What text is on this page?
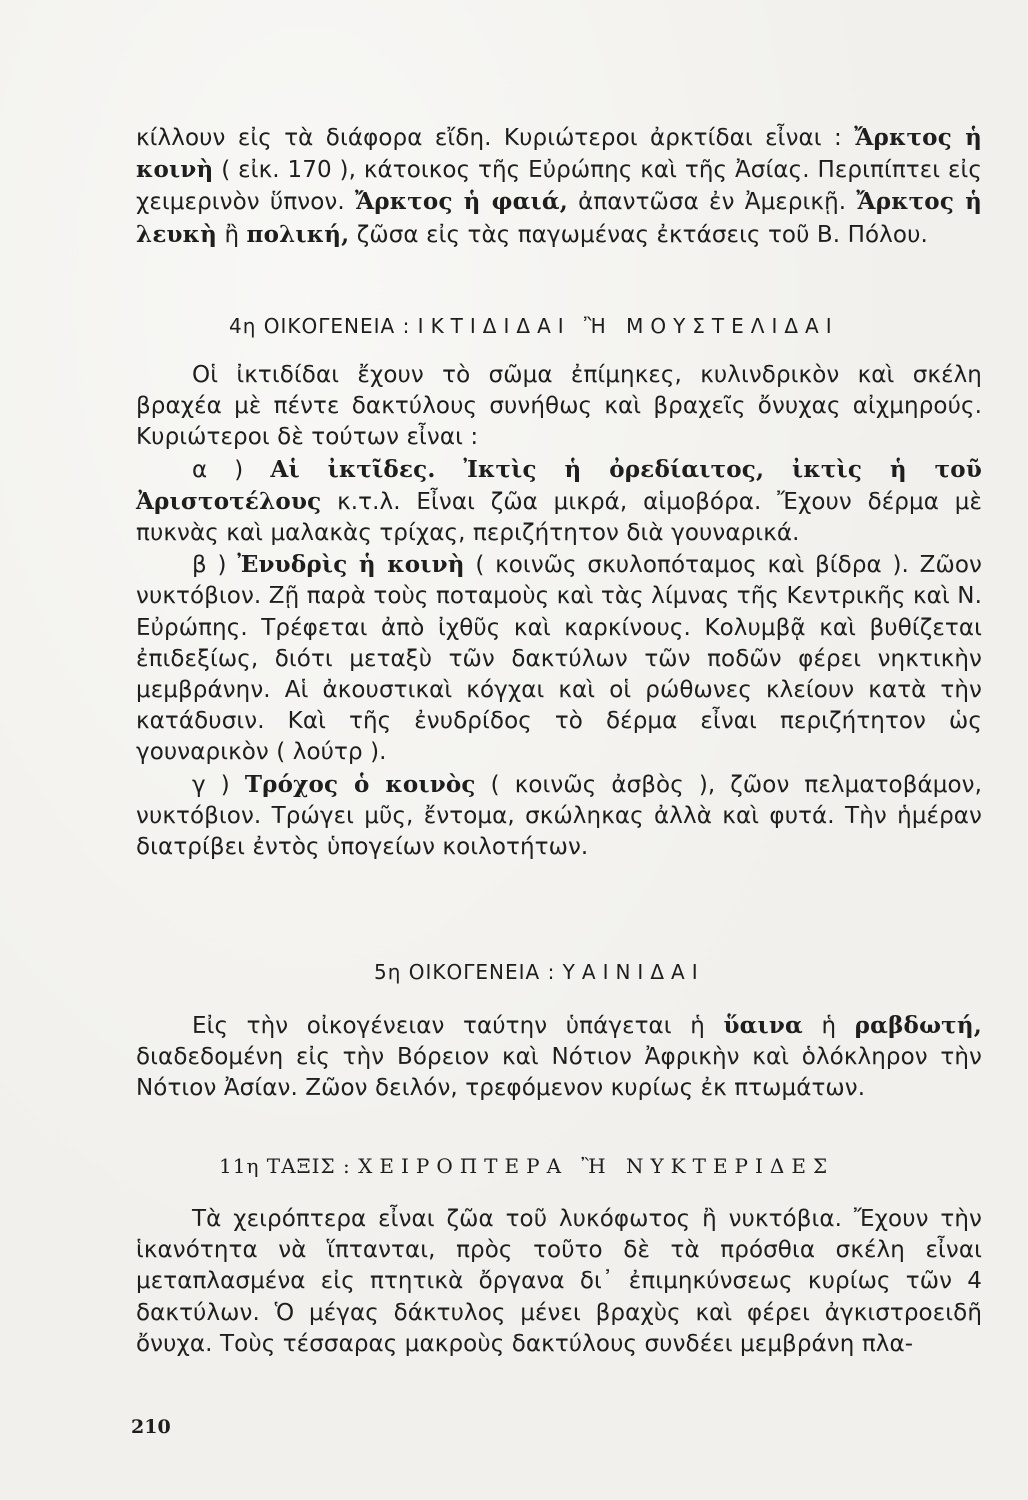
κίλλουν εἰς τὰ διάφορα εἴδη. Κυριώτεροι ἀρκτίδαι εἶναι : Ἄρκτος ἡ κοινὴ ( εἰκ. 170 ), κάτοικος τῆς Εὐρώπης καὶ τῆς Ἀσίας. Περιπίπτει εἰς χειμερινὸν ὕπνον. Ἄρκτος ἡ φαιά, ἀπαντῶσα ἐν Ἀμερικῇ. Ἄρκτος ἡ λευκὴ ἢ πολική, ζῶσα εἰς τὰς παγωμένας ἐκτάσεις τοῦ Β. Πόλου.

4η ΟΙΚΟΓΕΝΕΙΑ : ΙΚΤΙΔΙΔΑΙ Ἢ ΜΟΥΣΤΕΛΙΔΑΙ

Οἱ ἰκτιδίδαι ἔχουν τὸ σῶμα ἐπίμηκες, κυλινδρικὸν καὶ σκέλη βραχέα μὲ πέντε δακτύλους συνήθως καὶ βραχεῖς ὄνυχας αἰχμηρούς. Κυριώτεροι δὲ τούτων εἶναι :

α ) Αἱ ἰκτῖδες. Ἰκτὶς ἡ ὀρεδίαιτος, ἰκτὶς ἡ τοῦ Ἀριστοτέλους κ.τ.λ. Εἶναι ζῶα μικρά, αἱμοβόρα. Ἔχουν δέρμα μὲ πυκνὰς καὶ μαλακὰς τρίχας, περιζήτητον διὰ γουναρικά.

β ) Ἐνυδρὶς ἡ κοινὴ ( κοινῶς σκυλοπόταμος καὶ βίδρα ). Ζῶον νυκτόβιον. Ζῇ παρὰ τοὺς ποταμοὺς καὶ τὰς λίμνας τῆς Κεντρικῆς καὶ Ν. Εὐρώπης. Τρέφεται ἀπὸ ἰχθῦς καὶ καρκίνους. Κολυμβᾷ καὶ βυθίζεται ἐπιδεξίως, διότι μεταξὺ τῶν δακτύλων τῶν ποδῶν φέρει νηκτικὴν μεμβράνην. Αἱ ἀκουστικαὶ κόγχαι καὶ οἱ ρώθωνες κλείουν κατὰ τὴν κατάδυσιν. Καὶ τῆς ἐνυδρίδος τὸ δέρμα εἶναι περιζήτητον ὡς γουναρικὸν ( λούτρ ).

γ ) Τρόχος ὁ κοινὸς ( κοινῶς ἀσβὸς ), ζῶον πελματοβάμον, νυκτόβιον. Τρώγει μῦς, ἔντομα, σκώληκας ἀλλὰ καὶ φυτά. Τὴν ἡμέραν διατρίβει ἐντὸς ὑπογείων κοιλοτήτων.

5η ΟΙΚΟΓΕΝΕΙΑ : ΥΑΙΝΙΔΑΙ

Εἰς τὴν οἰκογένειαν ταύτην ὑπάγεται ἡ ὕαινα ἡ ραβδωτή, διαδεδομένη εἰς τὴν Βόρειον καὶ Νότιον Ἀφρικὴν καὶ ὁλόκληρον τὴν Νότιον Ἀσίαν. Ζῶον δειλόν, τρεφόμενον κυρίως ἐκ πτωμάτων.

11η ΤΑΞΙΣ : ΧΕΙΡΟΠΤΕΡΑ Ἢ ΝΥΚΤΕΡΙΔΕΣ

Τὰ χειρόπτερα εἶναι ζῶα τοῦ λυκόφωτος ἢ νυκτόβια. Ἔχουν τὴν ἱκανότητα νὰ ἵπτανται, πρὸς τοῦτο δὲ τὰ πρόσθια σκέλη εἶναι μεταπλασμένα εἰς πτητικὰ ὄργανα δι᾿ ἐπιμηκύνσεως κυρίως τῶν 4 δακτύλων. Ὁ μέγας δάκτυλος μένει βραχὺς καὶ φέρει ἀγκιστροειδῆ ὄνυχα. Τοὺς τέσσαρας μακροὺς δακτύλους συνδέει μεμβράνη πλα-

210
